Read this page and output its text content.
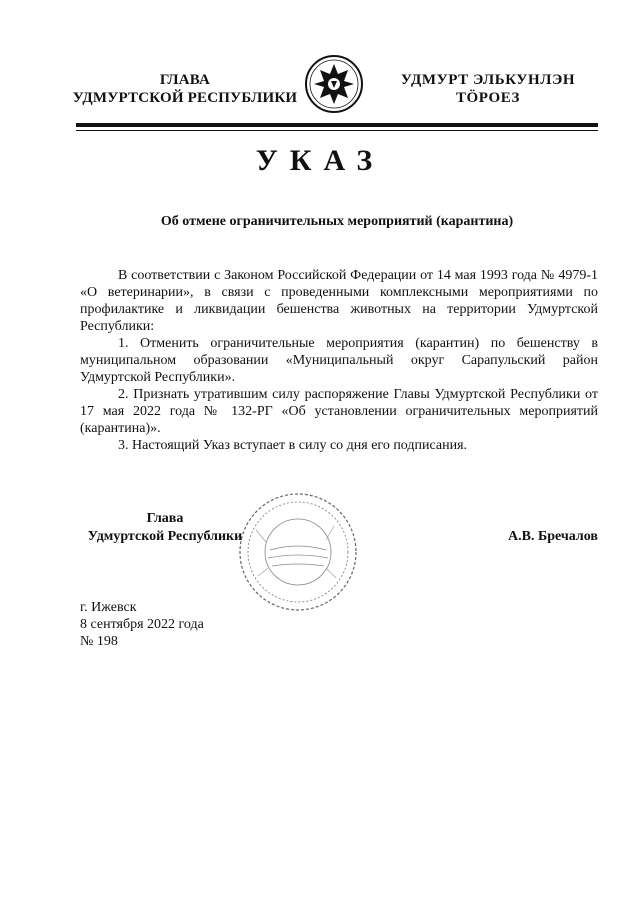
ГЛАВА
УДМУРТСКОЙ РЕСПУБЛИКИ
УДМУРТ ЭЛЬКУНЛЭН
ТӦРОЕЗ
УКАЗ
Об отмене ограничительных мероприятий (карантина)

В соответствии с Законом Российской Федерации от 14 мая 1993 года № 4979-1 «О ветеринарии», в связи с проведенными комплексными мероприятиями по профилактике и ликвидации бешенства животных на территории Удмуртской Республики:

1. Отменить ограничительные мероприятия (карантин) по бешенству в муниципальном образовании «Муниципальный округ Сарапульский район Удмуртской Республики».

2. Признать утратившим силу распоряжение Главы Удмуртской Республики от 17 мая 2022 года № 132-РГ «Об установлении ограничительных мероприятий (карантина)».

3. Настоящий Указ вступает в силу со дня его подписания.

Глава
Удмуртской Республики	А.В. Бречалов
г. Ижевск
8 сентября 2022 года
№ 198
